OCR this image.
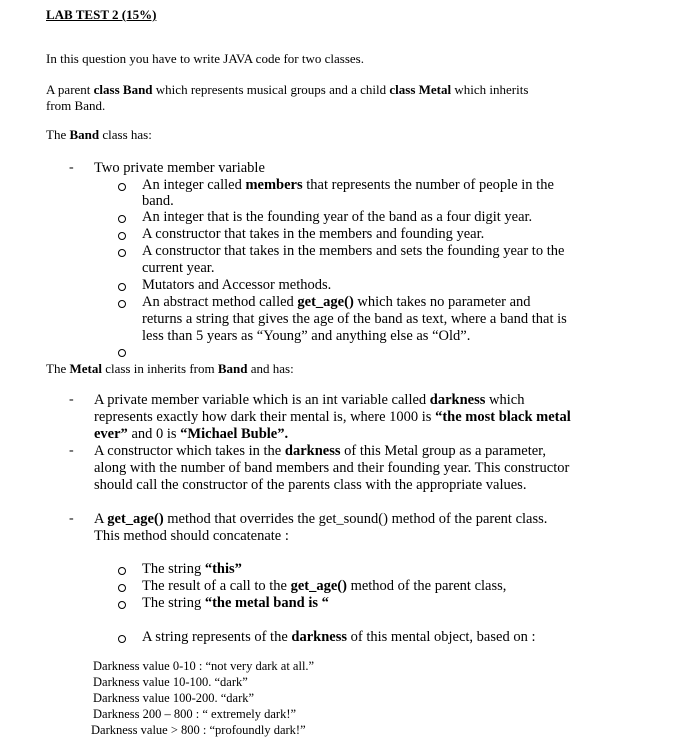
LAB TEST 2 (15%)
In this question you have to write JAVA code for two classes.
A parent class Band which represents musical groups and a child class Metal which inherits
from Band.
The Band class has:
- Two private member variable
An integer called members that represents the number of people in the
band.
An integer that is the founding year of the band as a four digit year.
A constructor that takes in the members and founding year.
A constructor that takes in the members and sets the founding year to the
current year.
Mutators and Accessor methods.
An abstract method called get_age() which takes no parameter and
returns a string that gives the age of the band as text, where a band that is
less than 5 years as “Young” and anything else as “Old”.
The Metal class in inherits from Band and has:
- A private member variable which is an int variable called darkness which
represents exactly how dark their mental is, where 1000 is “the most black metal
ever” and 0 is “Michael Buble”.
- A constructor which takes in the darkness of this Metal group as a parameter,
along with the number of band members and their founding year. This constructor
should call the constructor of the parents class with the appropriate values.
- A get_age() method that overrides the get_sound() method of the parent class.
This method should concatenate :
The string “this”
The result of a call to the get_age() method of the parent class,
The string “the metal band is “
A string represents of the darkness of this mental object, based on :
Darkness value 0-10 : “not very dark at all.”
Darkness value 10-100. “dark”
Darkness value 100-200. “dark”
Darkness 200 – 800 : “ extremely dark!”
Darkness value > 800 : “profoundly dark!”
